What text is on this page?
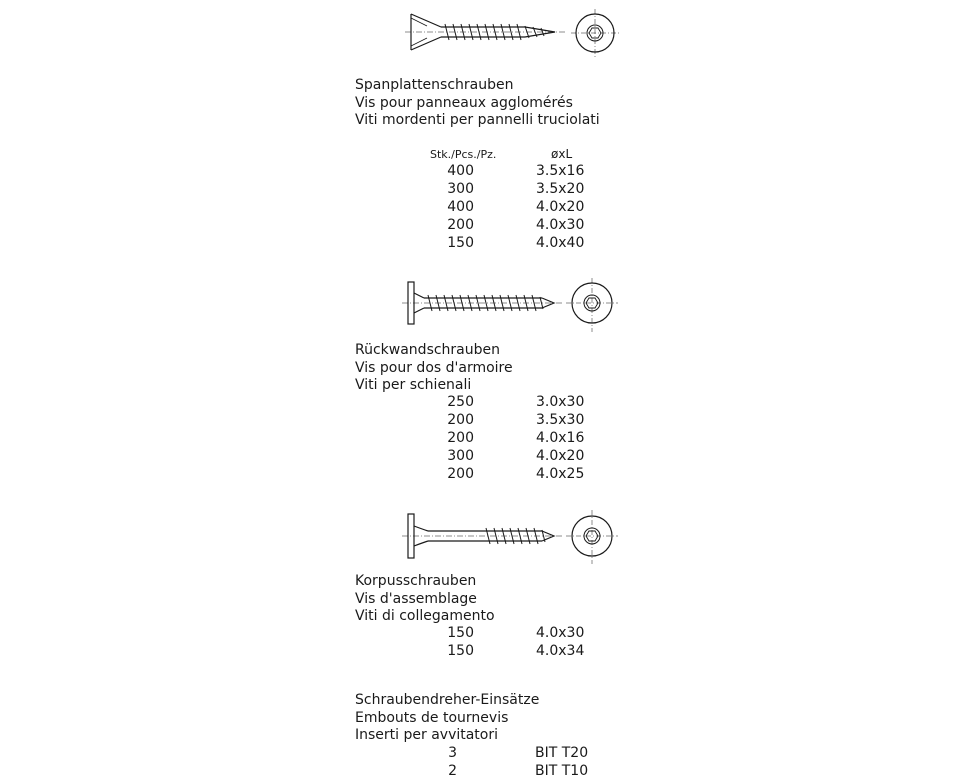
Spanplattenschrauben
Vis pour panneaux agglomérés
Viti mordenti per pannelli truciolati
Stk./Pcs./Pz.	øxL
400	3.5x16
300	3.5x20
400	4.0x20
200	4.0x30
150	4.0x40
Rückwandschrauben
Vis pour dos d'armoire
Viti per schienali
250	3.0x30
200	3.5x30
200	4.0x16
300	4.0x20
200	4.0x25
Korpusschrauben
Vis d'assemblage
Viti di collegamento
150	4.0x30
150	4.0x34
Schraubendreher-Einsätze
Embouts de tournevis
Inserti per avvitatori
3	BIT T20
2	BIT T10
